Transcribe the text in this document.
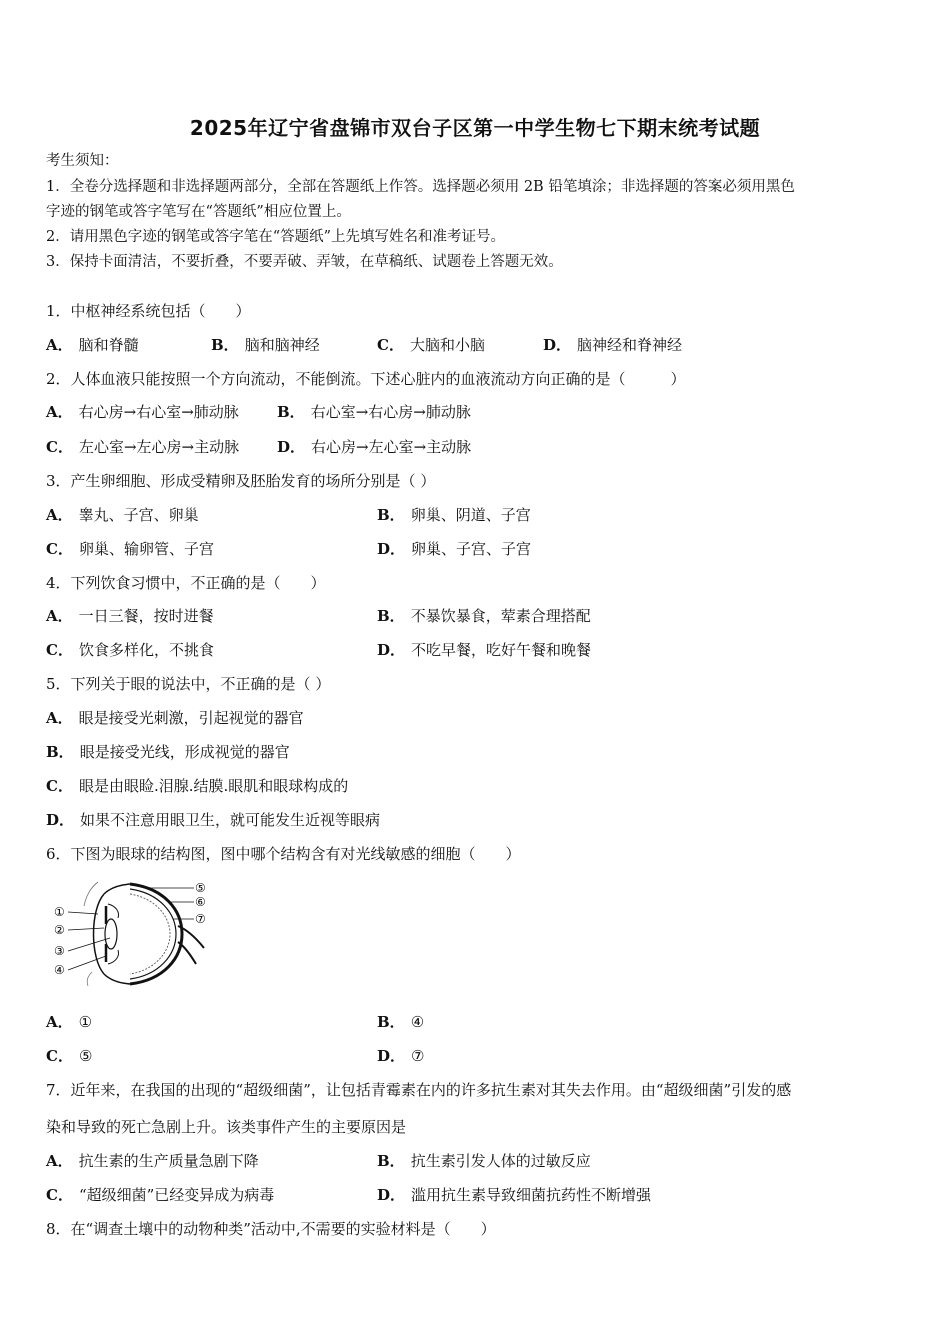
2025年辽宁省盘锦市双台子区第一中学生物七下期末统考试题
考生须知：
1．全卷分选择题和非选择题两部分，全部在答题纸上作答。选择题必须用 2B 铅笔填涂；非选择题的答案必须用黑色
字迹的钢笔或答字笔写在“答题纸”相应位置上。
2．请用黑色字迹的钢笔或答字笔在“答题纸”上先填写姓名和准考证号。
3．保持卡面清洁，不要折叠，不要弄破、弄皱，在草稿纸、试题卷上答题无效。
1．中枢神经系统包括（　　）
A． 脑和脊髓	B． 脑和脑神经	C． 大脑和小脑	D． 脑神经和脊神经
2．人体血液只能按照一个方向流动，不能倒流。下述心脏内的血液流动方向正确的是（　　　）
A． 右心房→右心室→肺动脉	B． 右心室→右心房→肺动脉
C． 左心室→左心房→主动脉	D． 右心房→左心室→主动脉
3．产生卵细胞、形成受精卵及胚胎发育的场所分别是（ ）
A． 睾丸、子宫、卵巢	B． 卵巢、阴道、子宫
C． 卵巢、输卵管、子宫	D． 卵巢、子宫、子宫
4．下列饮食习惯中，不正确的是（　　）
A． 一日三餐，按时进餐	B． 不暴饮暴食，荤素合理搭配
C． 饮食多样化，不挑食	D． 不吃早餐，吃好午餐和晚餐
5．下列关于眼的说法中，不正确的是（ ）
A． 眼是接受光刺激，引起视觉的器官
B． 眼是接受光线，形成视觉的器官
C． 眼是由眼睑.泪腺.结膜.眼肌和眼球构成的
D． 如果不注意用眼卫生，就可能发生近视等眼病
6．下图为眼球的结构图，图中哪个结构含有对光线敏感的细胞（　　）
①
②
③
④
⑤
⑥
⑦
A． ①	B． ④
C． ⑤	D． ⑦
7．近年来，在我国的出现的“超级细菌”，让包括青霉素在内的许多抗生素对其失去作用。由“超级细菌”引发的感
染和导致的死亡急剧上升。该类事件产生的主要原因是
A． 抗生素的生产质量急剧下降	B． 抗生素引发人体的过敏反应
C． “超级细菌”已经变异成为病毒	D． 滥用抗生素导致细菌抗药性不断增强
8．在“调查土壤中的动物种类”活动中,不需要的实验材料是（　　）
